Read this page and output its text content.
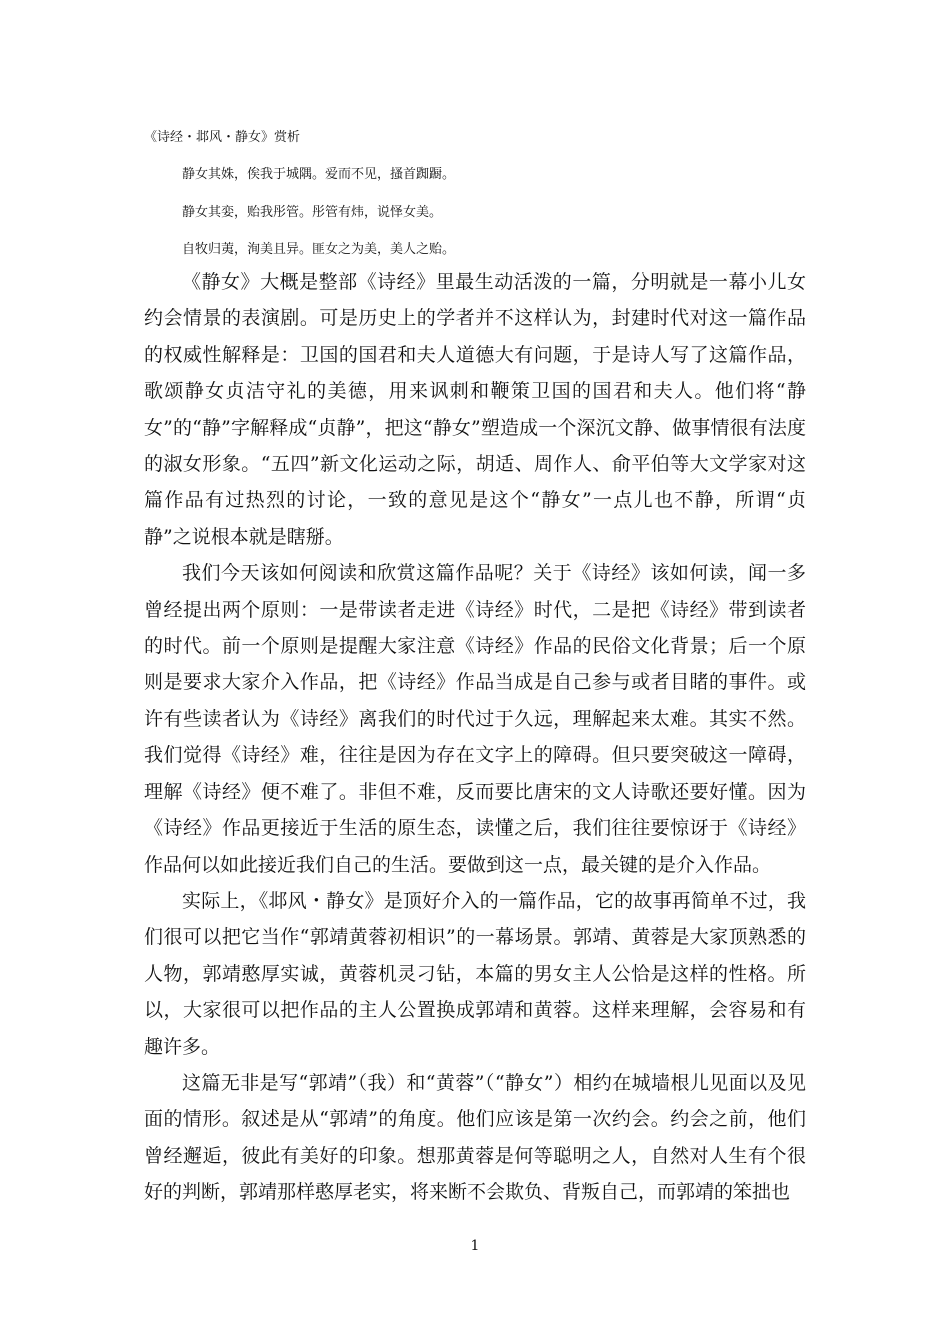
《诗经・邶风・静女》赏析

静女其姝，俟我于城隅。爱而不见，搔首踟蹰。

静女其娈，贻我彤管。彤管有炜，说怿女美。

自牧归荑，洵美且异。匪女之为美，美人之贻。

《静女》大概是整部《诗经》里最生动活泼的一篇，分明就是一幕小儿女约会情景的表演剧。可是历史上的学者并不这样认为，封建时代对这一篇作品的权威性解释是：卫国的国君和夫人道德大有问题，于是诗人写了这篇作品，歌颂静女贞洁守礼的美德，用来讽刺和鞭策卫国的国君和夫人。他们将“静女”的“静”字解释成“贞静”，把这“静女”塑造成一个深沉文静、做事情很有法度的淑女形象。“五四”新文化运动之际，胡适、周作人、俞平伯等大文学家对这篇作品有过热烈的讨论，一致的意见是这个“静女”一点儿也不静，所谓“贞静”之说根本就是瞎掰。

我们今天该如何阅读和欣赏这篇作品呢？关于《诗经》该如何读，闻一多曾经提出两个原则：一是带读者走进《诗经》时代，二是把《诗经》带到读者的时代。前一个原则是提醒大家注意《诗经》作品的民俗文化背景；后一个原则是要求大家介入作品，把《诗经》作品当成是自己参与或者目睹的事件。或许有些读者认为《诗经》离我们的时代过于久远，理解起来太难。其实不然。我们觉得《诗经》难，往往是因为存在文字上的障碍。但只要突破这一障碍，理解《诗经》便不难了。非但不难，反而要比唐宋的文人诗歌还要好懂。因为《诗经》作品更接近于生活的原生态，读懂之后，我们往往要惊讶于《诗经》作品何以如此接近我们自己的生活。要做到这一点，最关键的是介入作品。

实际上，《邶风・静女》是顶好介入的一篇作品，它的故事再简单不过，我们很可以把它当作“郭靖黄蓉初相识”的一幕场景。郭靖、黄蓉是大家顶熟悉的人物，郭靖憨厚实诚，黄蓉机灵刁钻，本篇的男女主人公恰是这样的性格。所以，大家很可以把作品的主人公置换成郭靖和黄蓉。这样来理解，会容易和有趣许多。

这篇无非是写“郭靖”（我）和“黄蓉”（“静女”）相约在城墙根儿见面以及见面的情形。叙述是从“郭靖”的角度。他们应该是第一次约会。约会之前，他们曾经邂逅，彼此有美好的印象。想那黄蓉是何等聪明之人，自然对人生有个很好的判断，郭靖那样憨厚老实，将来断不会欺负、背叛自己，而郭靖的笨拙也

1
